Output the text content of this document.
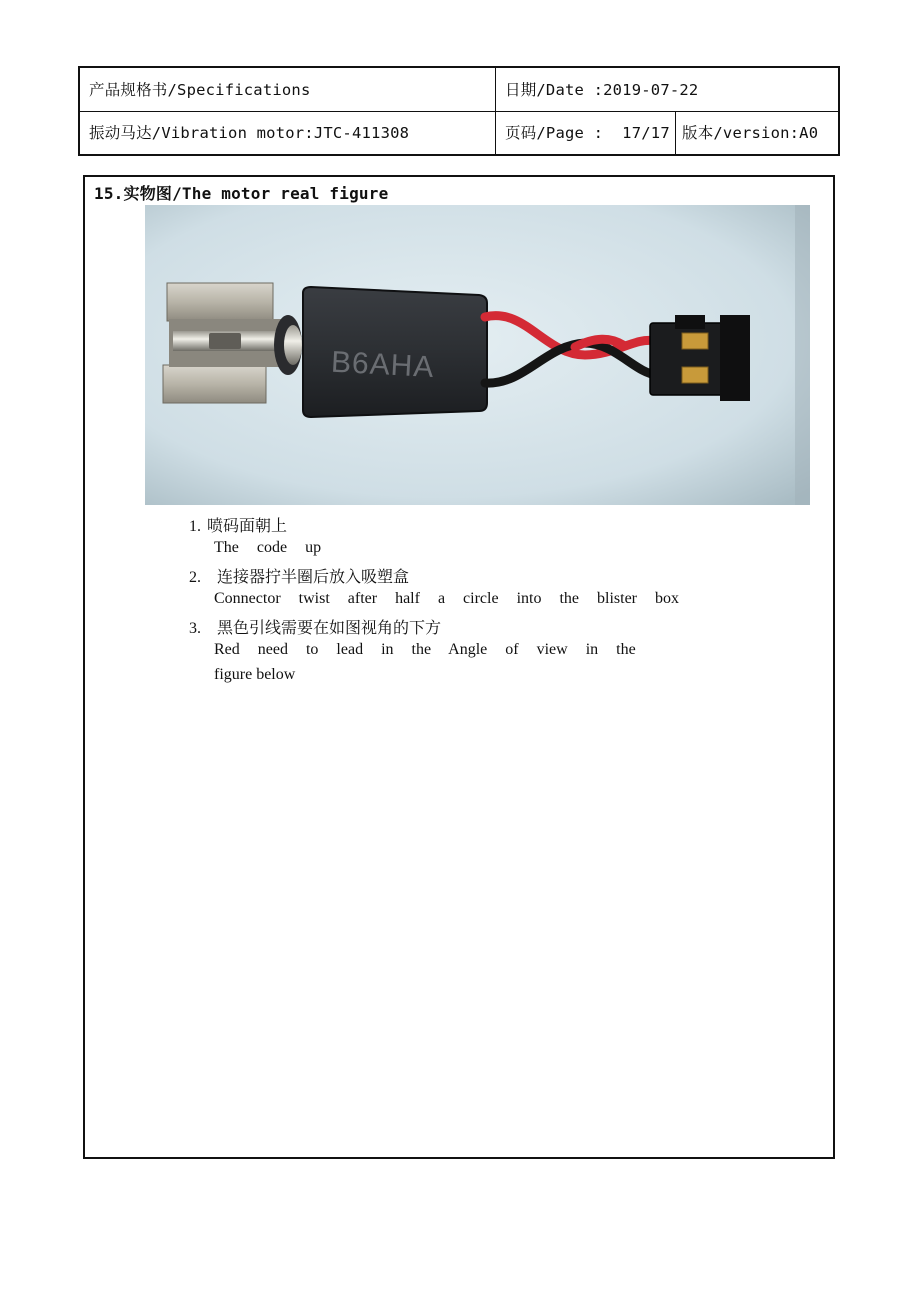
产品规格书/Specifications	日期/Date :2019-07-22
振动马达/Vibration motor:JTC-411308	页码/Page :  17/17 版本/version:A0
15.实物图/The motor real figure
B6AHA
1. 喷码面朝上
The code up
2. 连接器拧半圈后放入吸塑盒
Connector twist after half a circle into the blister box
3. 黑色引线需要在如图视角的下方
Red need to lead in the Angle of view in the
figure below
